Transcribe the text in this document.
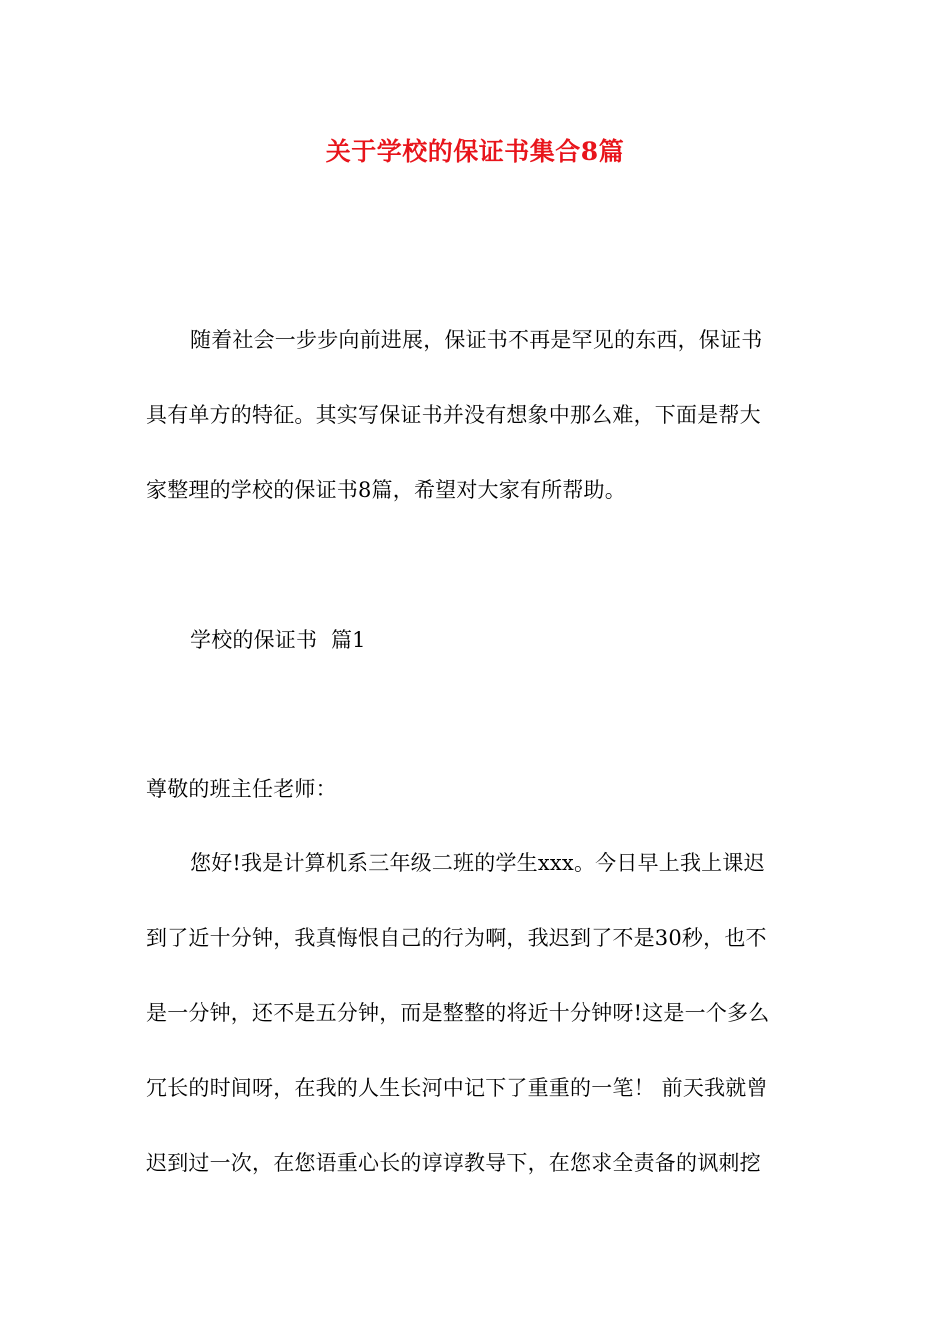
关于学校的保证书集合8篇
随着社会一步步向前进展，保证书不再是罕见的东西，保证书
具有单方的特征。其实写保证书并没有想象中那么难，下面是帮大
家整理的学校的保证书8篇，希望对大家有所帮助。
学校的保证书  篇1
尊敬的班主任老师：
您好!我是计算机系三年级二班的学生xxx。今日早上我上课迟
到了近十分钟，我真悔恨自己的行为啊，我迟到了不是30秒，也不
是一分钟，还不是五分钟，而是整整的将近十分钟呀!这是一个多么
冗长的时间呀，在我的人生长河中记下了重重的一笔！ 前天我就曾
迟到过一次，在您语重心长的谆谆教导下，在您求全责备的讽刺挖
